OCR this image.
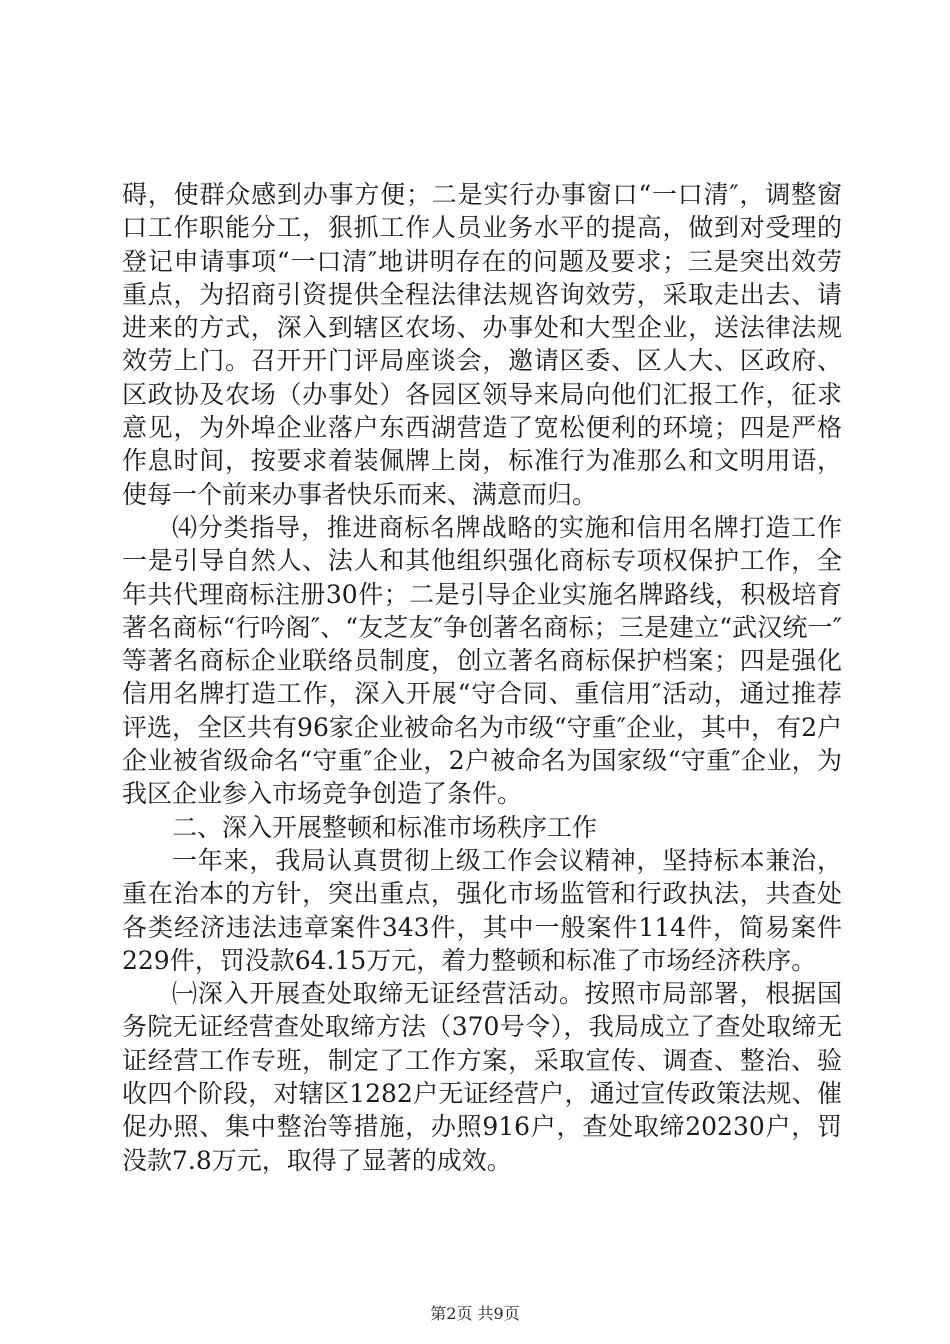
碍，使群众感到办事方便；二是实行办事窗口“一口清″，调整窗口工作职能分工，狠抓工作人员业务水平的提高，做到对受理的登记申请事项“一口清″地讲明存在的问题及要求；三是突出效劳重点，为招商引资提供全程法律法规咨询效劳，采取走出去、请进来的方式，深入到辖区农场、办事处和大型企业，送法律法规效劳上门。召开开门评局座谈会，邀请区委、区人大、区政府、区政协及农场（办事处）各园区领导来局向他们汇报工作，征求意见，为外埠企业落户东西湖营造了宽松便利的环境；四是严格作息时间，按要求着装佩牌上岗，标准行为准那么和文明用语，使每一个前来办事者快乐而来、满意而归。

⑷分类指导，推进商标名牌战略的实施和信用名牌打造工作一是引导自然人、法人和其他组织强化商标专项权保护工作，全年共代理商标注册30件；二是引导企业实施名牌路线，积极培育著名商标“行吟阁″、“友芝友″争创著名商标；三是建立“武汉统一″等著名商标企业联络员制度，创立著名商标保护档案；四是强化信用名牌打造工作，深入开展“守合同、重信用″活动，通过推荐评选，全区共有96家企业被命名为市级“守重″企业，其中，有2户企业被省级命名“守重″企业，2户被命名为国家级“守重″企业，为我区企业参入市场竞争创造了条件。

二、深入开展整顿和标准市场秩序工作

一年来，我局认真贯彻上级工作会议精神，坚持标本兼治，重在治本的方针，突出重点，强化市场监管和行政执法，共查处各类经济违法违章案件343件，其中一般案件114件，简易案件229件，罚没款64.15万元，着力整顿和标准了市场经济秩序。

㈠深入开展查处取缔无证经营活动。按照市局部署，根据国务院无证经营查处取缔方法（370号令），我局成立了查处取缔无证经营工作专班，制定了工作方案，采取宣传、调查、整治、验收四个阶段，对辖区1282户无证经营户，通过宣传政策法规、催促办照、集中整治等措施，办照916户，查处取缔20230户，罚没款7.8万元，取得了显著的成效。

第2页 共9页
